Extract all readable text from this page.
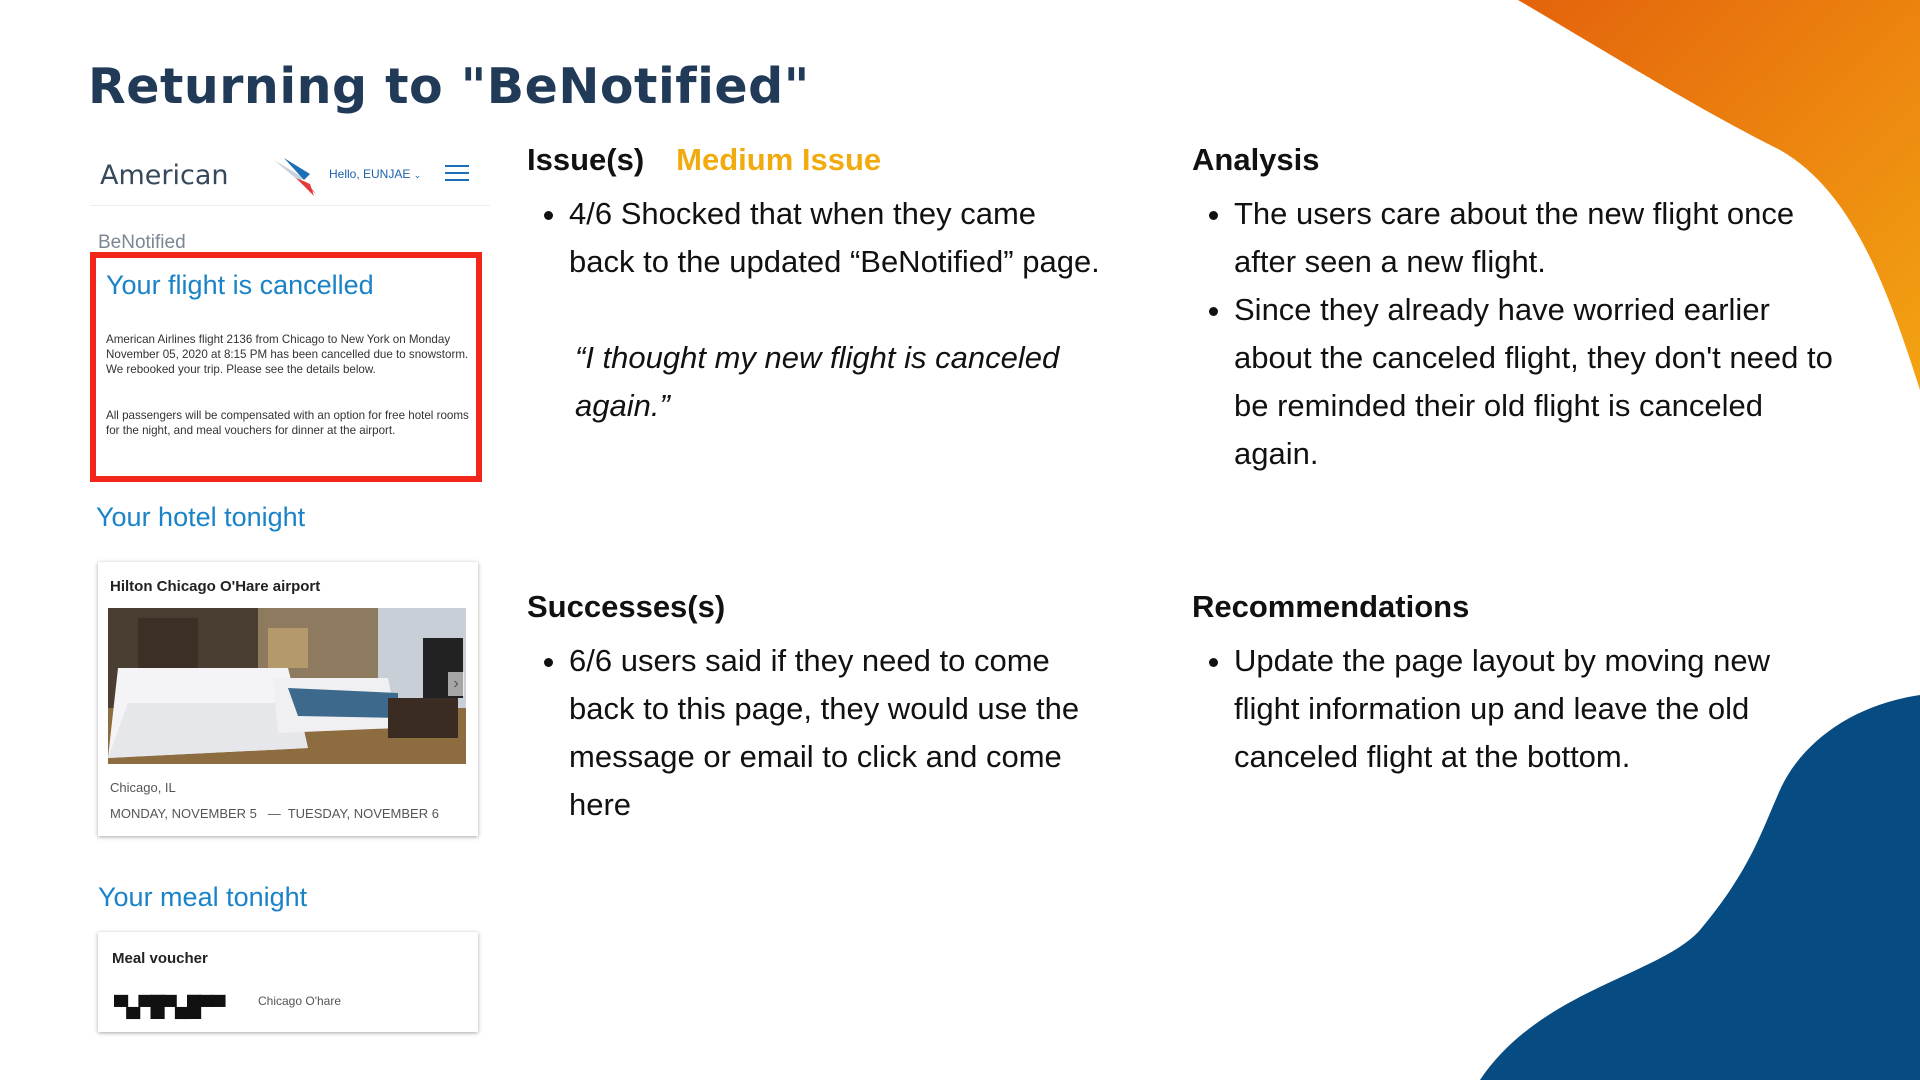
Returning to "BeNotified"
American	Hello, EUNJAE ⌄
BeNotified
Your flight is cancelled
American Airlines flight 2136 from Chicago to New York on Monday November 05, 2020 at 8:15 PM has been cancelled due to snowstorm. We rebooked your trip. Please see the details below.
All passengers will be compensated with an option for free hotel rooms for the night, and meal vouchers for dinner at the airport.
Your hotel tonight
Hilton Chicago O'Hare airport
›
Chicago, IL
MONDAY, NOVEMBER 5   —  TUESDAY, NOVEMBER 6
Your meal tonight
Meal voucher
▀▄▀█▀▄█▀▀	Chicago O'hare
Issue(s) Medium Issue
• 4/6 Shocked that when they came back to the updated “BeNotified” page.
“I thought my new flight is canceled again.”
Successes(s)
• 6/6 users said if they need to come back to this page, they would use the message or email to click and come here
Analysis
• The users care about the new flight once after seen a new flight.
• Since they already have worried earlier about the canceled flight, they don't need to be reminded their old flight is canceled again.
Recommendations
• Update the page layout by moving new flight information up and leave the old canceled flight at the bottom.
